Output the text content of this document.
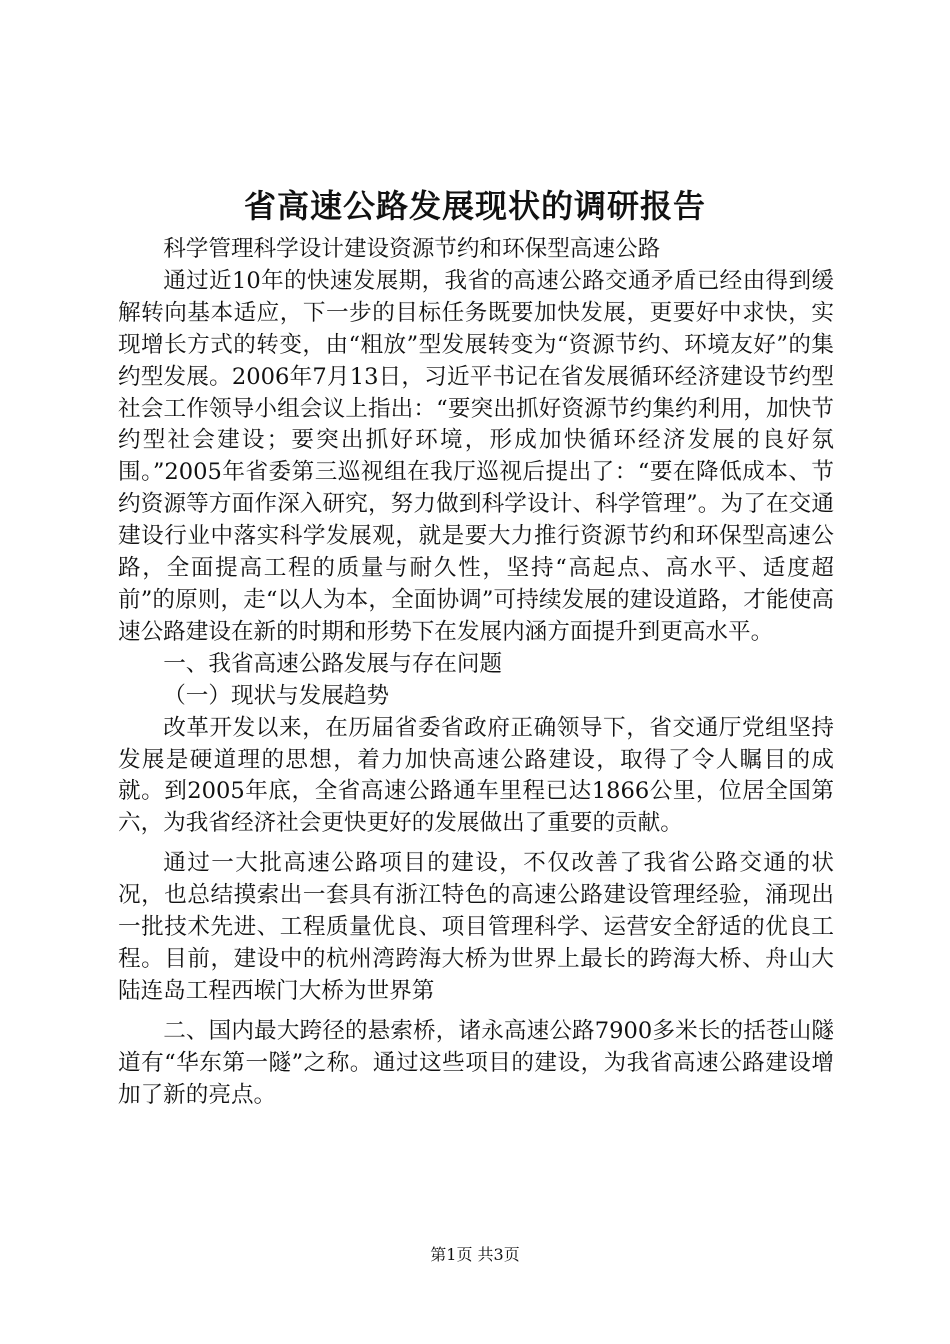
省高速公路发展现状的调研报告

科学管理科学设计建设资源节约和环保型高速公路

通过近10年的快速发展期，我省的高速公路交通矛盾已经由得到缓解转向基本适应，下一步的目标任务既要加快发展，更要好中求快，实现增长方式的转变，由“粗放”型发展转变为“资源节约、环境友好”的集约型发展。2006年7月13日，习近平书记在省发展循环经济建设节约型社会工作领导小组会议上指出：“要突出抓好资源节约集约利用，加快节约型社会建设；要突出抓好环境，形成加快循环经济发展的良好氛围。”2005年省委第三巡视组在我厅巡视后提出了：“要在降低成本、节约资源等方面作深入研究，努力做到科学设计、科学管理”。为了在交通建设行业中落实科学发展观，就是要大力推行资源节约和环保型高速公路，全面提高工程的质量与耐久性，坚持“高起点、高水平、适度超前”的原则，走“以人为本，全面协调”可持续发展的建设道路，才能使高速公路建设在新的时期和形势下在发展内涵方面提升到更高水平。

一、我省高速公路发展与存在问题

（一）现状与发展趋势

改革开发以来，在历届省委省政府正确领导下，省交通厅党组坚持发展是硬道理的思想，着力加快高速公路建设，取得了令人瞩目的成就。到2005年底，全省高速公路通车里程已达1866公里，位居全国第六，为我省经济社会更快更好的发展做出了重要的贡献。

通过一大批高速公路项目的建设，不仅改善了我省公路交通的状况，也总结摸索出一套具有浙江特色的高速公路建设管理经验，涌现出一批技术先进、工程质量优良、项目管理科学、运营安全舒适的优良工程。目前，建设中的杭州湾跨海大桥为世界上最长的跨海大桥、舟山大陆连岛工程西堠门大桥为世界第

二、国内最大跨径的悬索桥，诸永高速公路7900多米长的括苍山隧道有“华东第一隧”之称。通过这些项目的建设，为我省高速公路建设增加了新的亮点。

第1页 共3页
